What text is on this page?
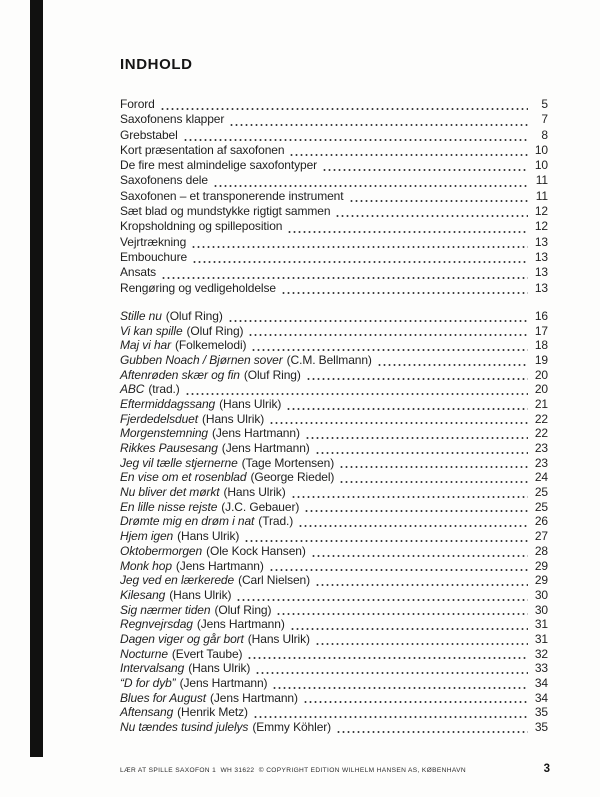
INDHOLD
Forord	5
Saxofonens klapper	7
Grebstabel	8
Kort præsentation af saxofonen	10
De fire mest almindelige saxofontyper	10
Saxofonens dele	11
Saxofonen – et transponerende instrument	11
Sæt blad og mundstykke rigtigt sammen	12
Kropsholdning og spilleposition	12
Vejrtrækning	13
Embouchure	13
Ansats	13
Rengøring og vedligeholdelse	13
Stille nu (Oluf Ring)	16
Vi kan spille (Oluf Ring)	17
Maj vi har (Folkemelodi)	18
Gubben Noach / Bjørnen sover (C.M. Bellmann)	19
Aftenrøden skær og fin (Oluf Ring)	20
ABC (trad.)	20
Eftermiddagssang (Hans Ulrik)	21
Fjerdedelsduet (Hans Ulrik)	22
Morgenstemning (Jens Hartmann)	22
Rikkes Pausesang (Jens Hartmann)	23
Jeg vil tælle stjernerne (Tage Mortensen)	23
En vise om et rosenblad (George Riedel)	24
Nu bliver det mørkt (Hans Ulrik)	25
En lille nisse rejste (J.C. Gebauer)	25
Drømte mig en drøm i nat (Trad.)	26
Hjem igen (Hans Ulrik)	27
Oktobermorgen (Ole Kock Hansen)	28
Monk hop (Jens Hartmann)	29
Jeg ved en lærkerede (Carl Nielsen)	29
Kilesang (Hans Ulrik)	30
Sig nærmer tiden (Oluf Ring)	30
Regnvejrsdag (Jens Hartmann)	31
Dagen viger og går bort (Hans Ulrik)	31
Nocturne (Evert Taube)	32
Intervalsang (Hans Ulrik)	33
“D for dyb” (Jens Hartmann)	34
Blues for August (Jens Hartmann)	34
Aftensang (Henrik Metz)	35
Nu tændes tusind julelys (Emmy Köhler)	35
LÆR AT SPILLE SAXOFON 1  WH 31622  © COPYRIGHT EDITION WILHELM HANSEN AS, KØBENHAVN	3
